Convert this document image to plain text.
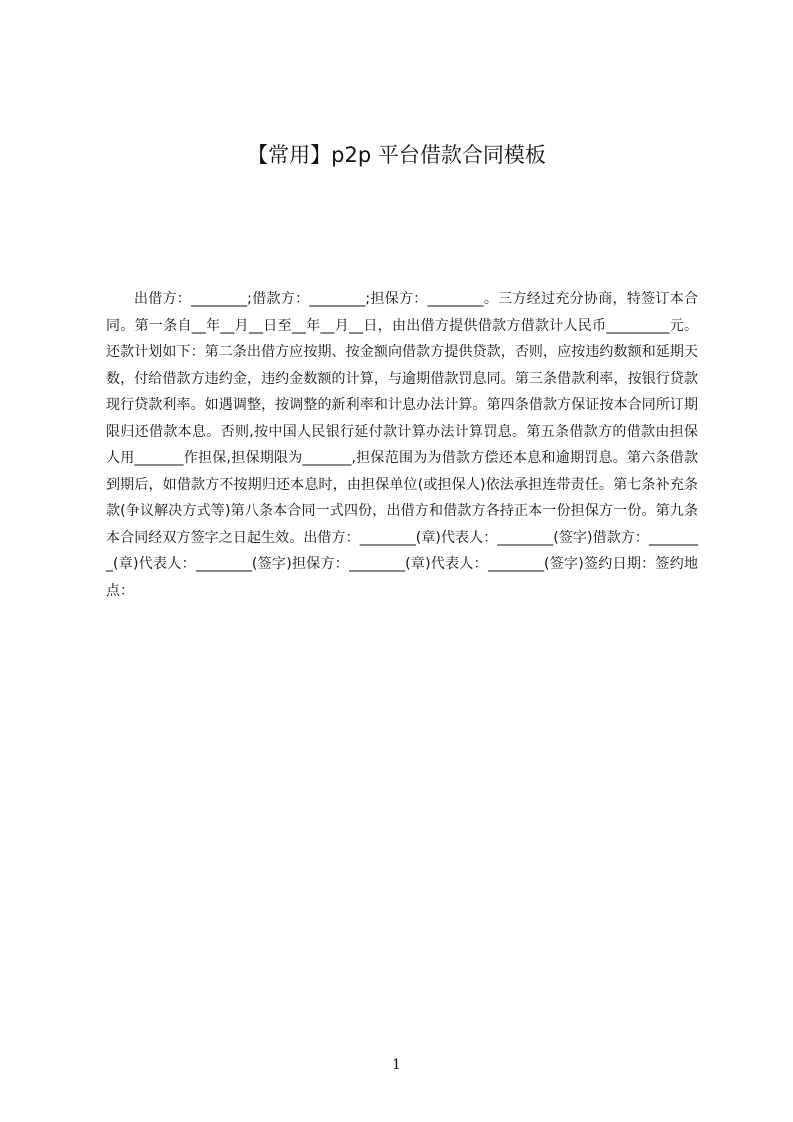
【常用】p2p 平台借款合同模板

出借方：________;借款方：________;担保方：________。三方经过充分协商，特签订本合同。第一条自__年__月__日至__年__月__日，由出借方提供借款方借款计人民币_________元。还款计划如下：第二条出借方应按期、按金额向借款方提供贷款，否则，应按违约数额和延期天数，付给借款方违约金，违约金数额的计算，与逾期借款罚息同。第三条借款利率，按银行贷款现行贷款利率。如遇调整，按调整的新利率和计息办法计算。第四条借款方保证按本合同所订期限归还借款本息。否则,按中国人民银行延付款计算办法计算罚息。第五条借款方的借款由担保人用_______作担保,担保期限为_______,担保范围为为借款方偿还本息和逾期罚息。第六条借款到期后，如借款方不按期归还本息时，由担保单位(或担保人)依法承担连带责任。第七条补充条款(争议解决方式等)第八条本合同一式四份，出借方和借款方各持正本一份担保方一份。第九条本合同经双方签字之日起生效。出借方：________(章)代表人：________(签字)借款方：________(章)代表人：________(签字)担保方：________(章)代表人：________(签字)签约日期：签约地点：

1
